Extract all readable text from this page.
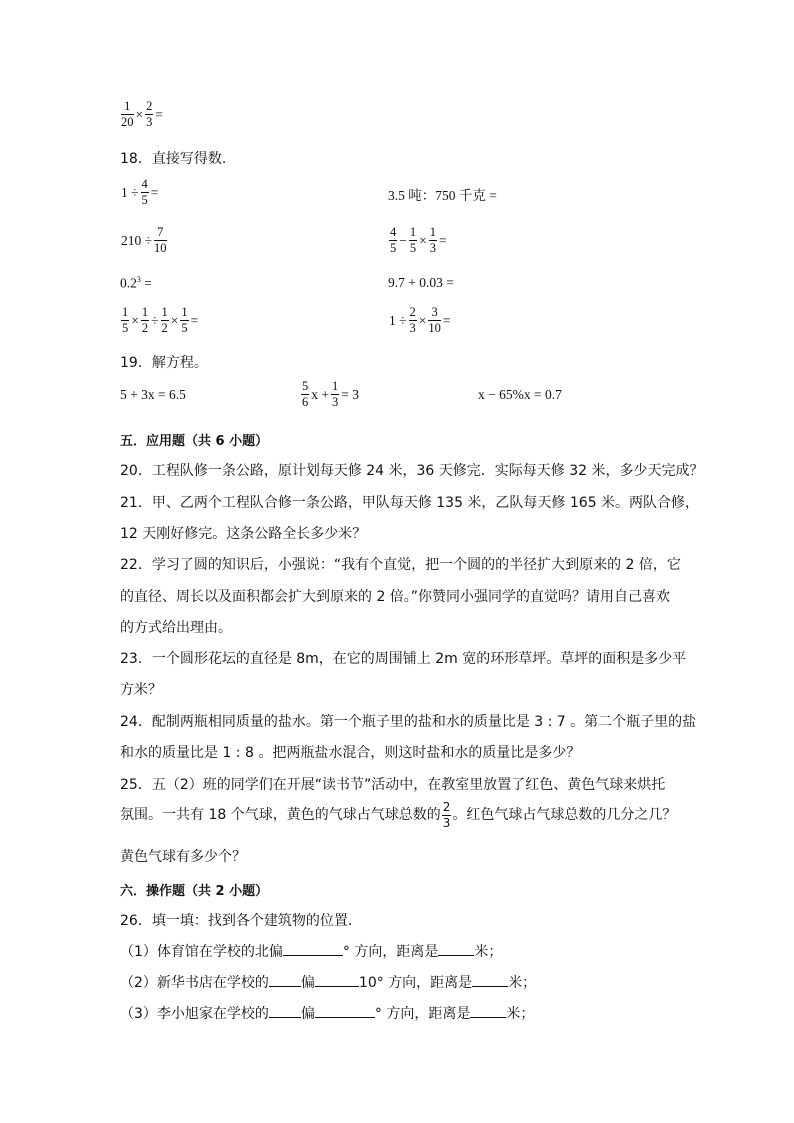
$\frac{1}{20} \times \frac{2}{3}$ =
18．直接写得数.
$1 \div \frac{4}{5}$ =	3.5 吨：750 千克 =
$210 \div \frac{7}{10}$	$\frac{4}{5} - \frac{1}{5} \times \frac{1}{3}$ =
$0.2^3$ =	9.7 + 0.03 =
$\frac{1}{5} \times \frac{1}{2} \div \frac{1}{2} \times \frac{1}{5}$ =	$1 \div \frac{2}{3} \times \frac{3}{10}$ =
19．解方程。
5 + 3x = 6.5	$\frac{5}{6}$ $x + \frac{1}{3} = 3$	x − 65%x = 0.7
五．应用题（共 6 小题）
20．工程队修一条公路，原计划每天修 24 米，36 天修完．实际每天修 32 米，多少天完成？
21．甲、乙两个工程队合修一条公路，甲队每天修 135 米，乙队每天修 165 米。两队合修，
12 天刚好修完。这条公路全长多少米？
22．学习了圆的知识后，小强说：“我有个直觉，把一个圆的的半径扩大到原来的 2 倍，它
的直径、周长以及面积都会扩大到原来的 2 倍。”你赞同小强同学的直觉吗？请用自己喜欢
的方式给出理由。
23．一个圆形花坛的直径是 8m，在它的周围铺上 2m 宽的环形草坪。草坪的面积是多少平
方米？
24．配制两瓶相同质量的盐水。第一个瓶子里的盐和水的质量比是 3 : 7 。第二个瓶子里的盐
和水的质量比是 1 : 8 。把两瓶盐水混合，则这时盐和水的质量比是多少？
25．五（2）班的同学们在开展“读书节”活动中，在教室里放置了红色、黄色气球来烘托
氛围。一共有 18 个气球，黄色的气球占气球总数的 $\frac{2}{3}$ 。红色气球占气球总数的几分之几？
黄色气球有多少个？
六．操作题（共 2 小题）
26．填一填：找到各个建筑物的位置．
（1）体育馆在学校的北偏	° 方向，距离是	米；
（2）新华书店在学校的 偏	10° 方向，距离是	米；
（3）李小旭家在学校的 偏	° 方向，距离是	米；
